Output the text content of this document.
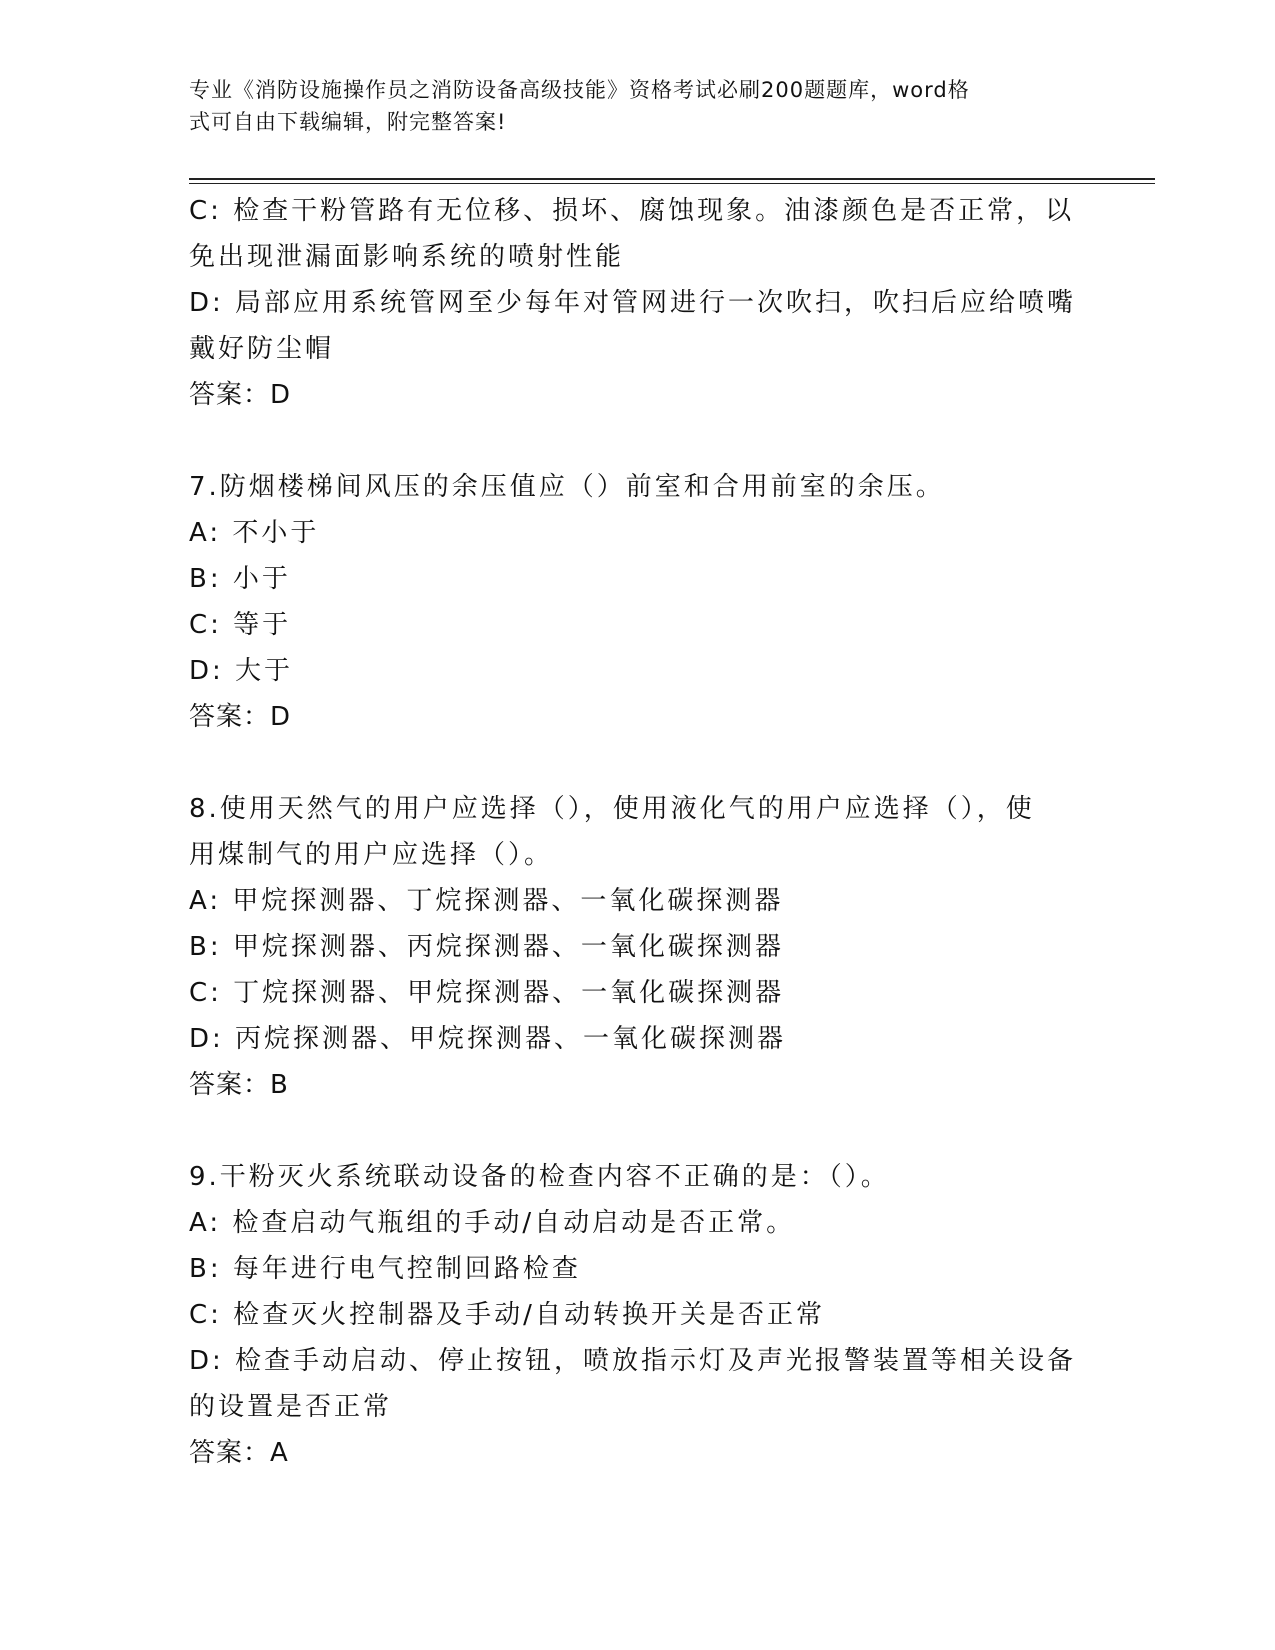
专业《消防设施操作员之消防设备高级技能》资格考试必刷200题题库，word格
式可自由下载编辑，附完整答案!
C: 检查干粉管路有无位移、损坏、腐蚀现象。油漆颜色是否正常，以
免出现泄漏面影响系统的喷射性能
D: 局部应用系统管网至少每年对管网进行一次吹扫，吹扫后应给喷嘴
戴好防尘帽
答案：D
7.防烟楼梯间风压的余压值应（）前室和合用前室的余压。
A: 不小于
B: 小于
C: 等于
D: 大于
答案：D
8.使用天然气的用户应选择（），使用液化气的用户应选择（），使
用煤制气的用户应选择（）。
A: 甲烷探测器、丁烷探测器、一氧化碳探测器
B: 甲烷探测器、丙烷探测器、一氧化碳探测器
C: 丁烷探测器、甲烷探测器、一氧化碳探测器
D: 丙烷探测器、甲烷探测器、一氧化碳探测器
答案：B
9.干粉灭火系统联动设备的检查内容不正确的是：（）。
A: 检查启动气瓶组的手动/自动启动是否正常。
B: 每年进行电气控制回路检查
C: 检查灭火控制器及手动/自动转换开关是否正常
D: 检查手动启动、停止按钮，喷放指示灯及声光报警装置等相关设备
的设置是否正常
答案：A
